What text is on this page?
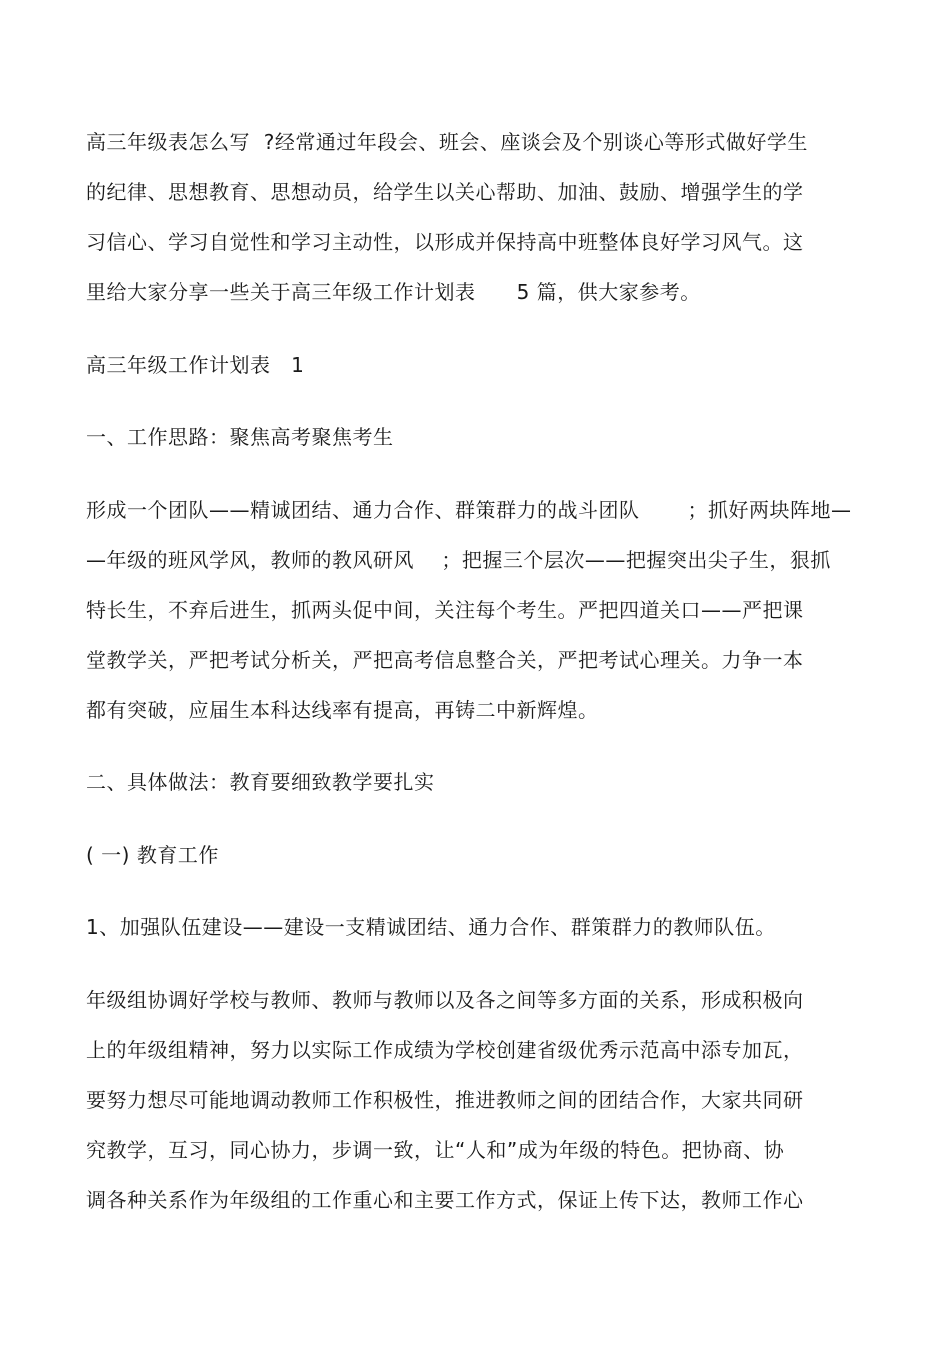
高三年级表怎么写  ?经常通过年段会、班会、座谈会及个别谈心等形式做好学生
的纪律、思想教育、思想动员，给学生以关心帮助、加油、鼓励、增强学生的学
习信心、学习自觉性和学习主动性，以形成并保持高中班整体良好学习风气。这
里给大家分享一些关于高三年级工作计划表      5 篇，供大家参考。
高三年级工作计划表   1
一、工作思路：聚焦高考聚焦考生
形成一个团队——精诚团结、通力合作、群策群力的战斗团队       ；抓好两块阵地—
—年级的班风学风，教师的教风研风    ；把握三个层次——把握突出尖子生，狠抓
特长生，不弃后进生，抓两头促中间，关注每个考生。严把四道关口——严把课
堂教学关，严把考试分析关，严把高考信息整合关，严把考试心理关。力争一本
都有突破，应届生本科达线率有提高，再铸二中新辉煌。
二、具体做法：教育要细致教学要扎实
( 一) 教育工作
1、加强队伍建设——建设一支精诚团结、通力合作、群策群力的教师队伍。
年级组协调好学校与教师、教师与教师以及各之间等多方面的关系，形成积极向
上的年级组精神，努力以实际工作成绩为学校创建省级优秀示范高中添专加瓦，
要努力想尽可能地调动教师工作积极性，推进教师之间的团结合作，大家共同研
究教学，互习，同心协力，步调一致，让“人和”成为年级的特色。把协商、协
调各种关系作为年级组的工作重心和主要工作方式，保证上传下达，教师工作心
